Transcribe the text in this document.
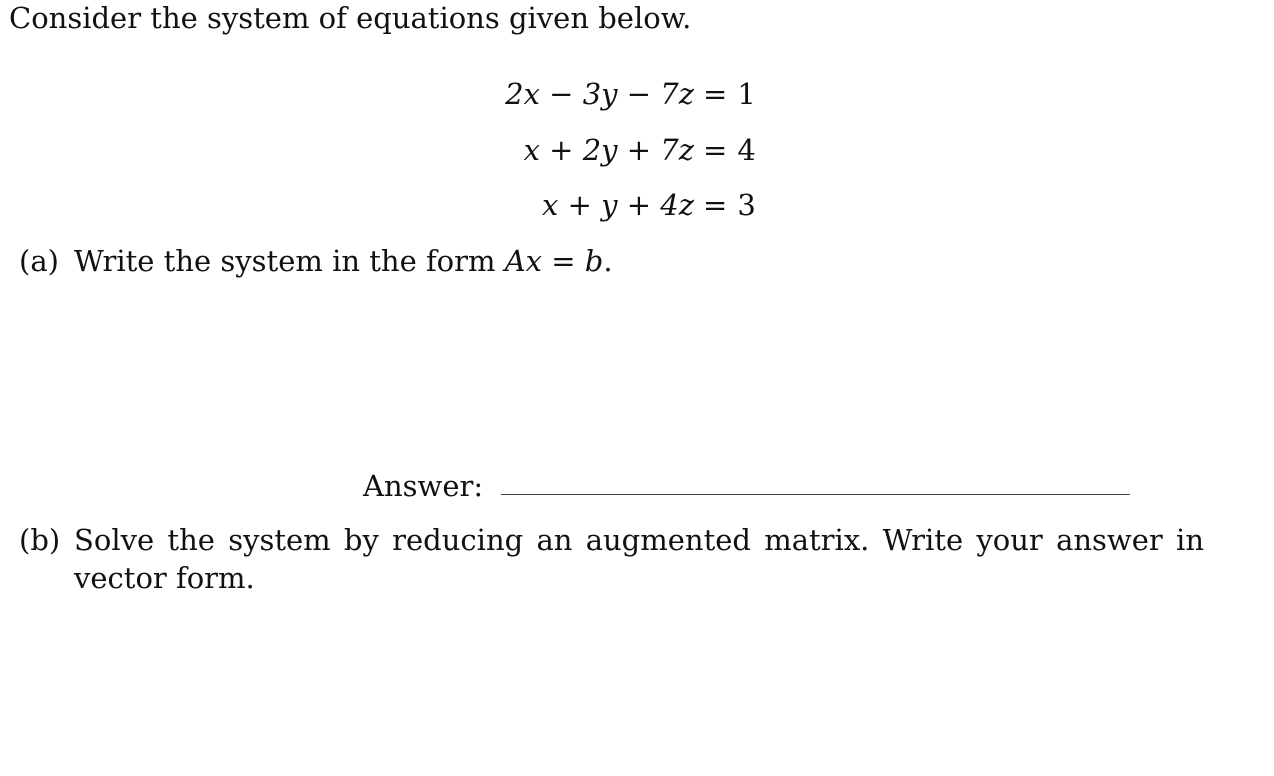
Consider the system of equations given below.
2x − 3y − 7z = 1
x + 2y + 7z = 4
x + y + 4z = 3
(a) Write the system in the form Ax = b.
Answer:
(b) Solve the system by reducing an augmented matrix. Write your answer in vector form.
